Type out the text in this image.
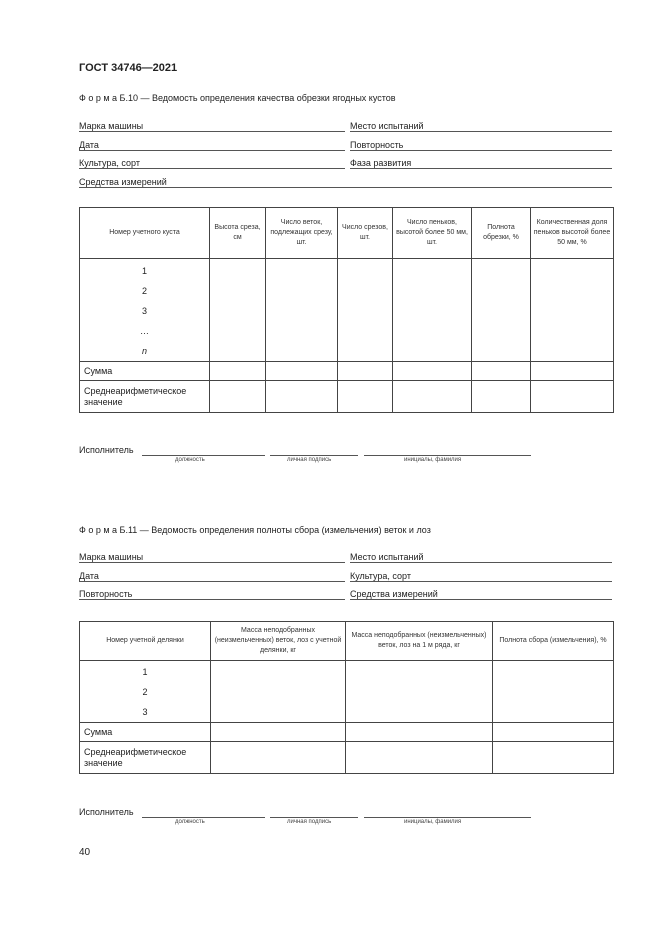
ГОСТ 34746—2021
Ф о р м а Б.10 — Ведомость определения качества обрезки ягодных кустов
Марка машины	Место испытаний
Дата	Повторность
Культура, сорт	Фаза развития
Средства измерений
Номер учетного куста	Высота среза, см	Число веток, подлежащих срезу, шт.	Число срезов, шт.	Число пеньков, высотой более 50 мм, шт.	Полнота обрезки, %	Количественная доля пеньков высотой более 50 мм, %

1
2
3
…
n						

Сумма						
Среднеарифметическое значение						
Исполнитель
должность	личная подпись	инициалы, фамилия
Ф о р м а Б.11 — Ведомость определения полноты сбора (измельчения) веток и лоз
Марка машины	Место испытаний
Дата	Культура, сорт
Повторность	Средства измерений
Номер учетной делянки	Масса неподобранных (неизмельченных) веток, лоз с учетной делянки, кг	Масса неподобранных (неизмельченных) веток, лоз на 1 м ряда, кг	Полнота сбора (измельчения), %

1
2
3			

Сумма			
Среднеарифметическое значение			
Исполнитель
должность	личная подпись	инициалы, фамилия
40
